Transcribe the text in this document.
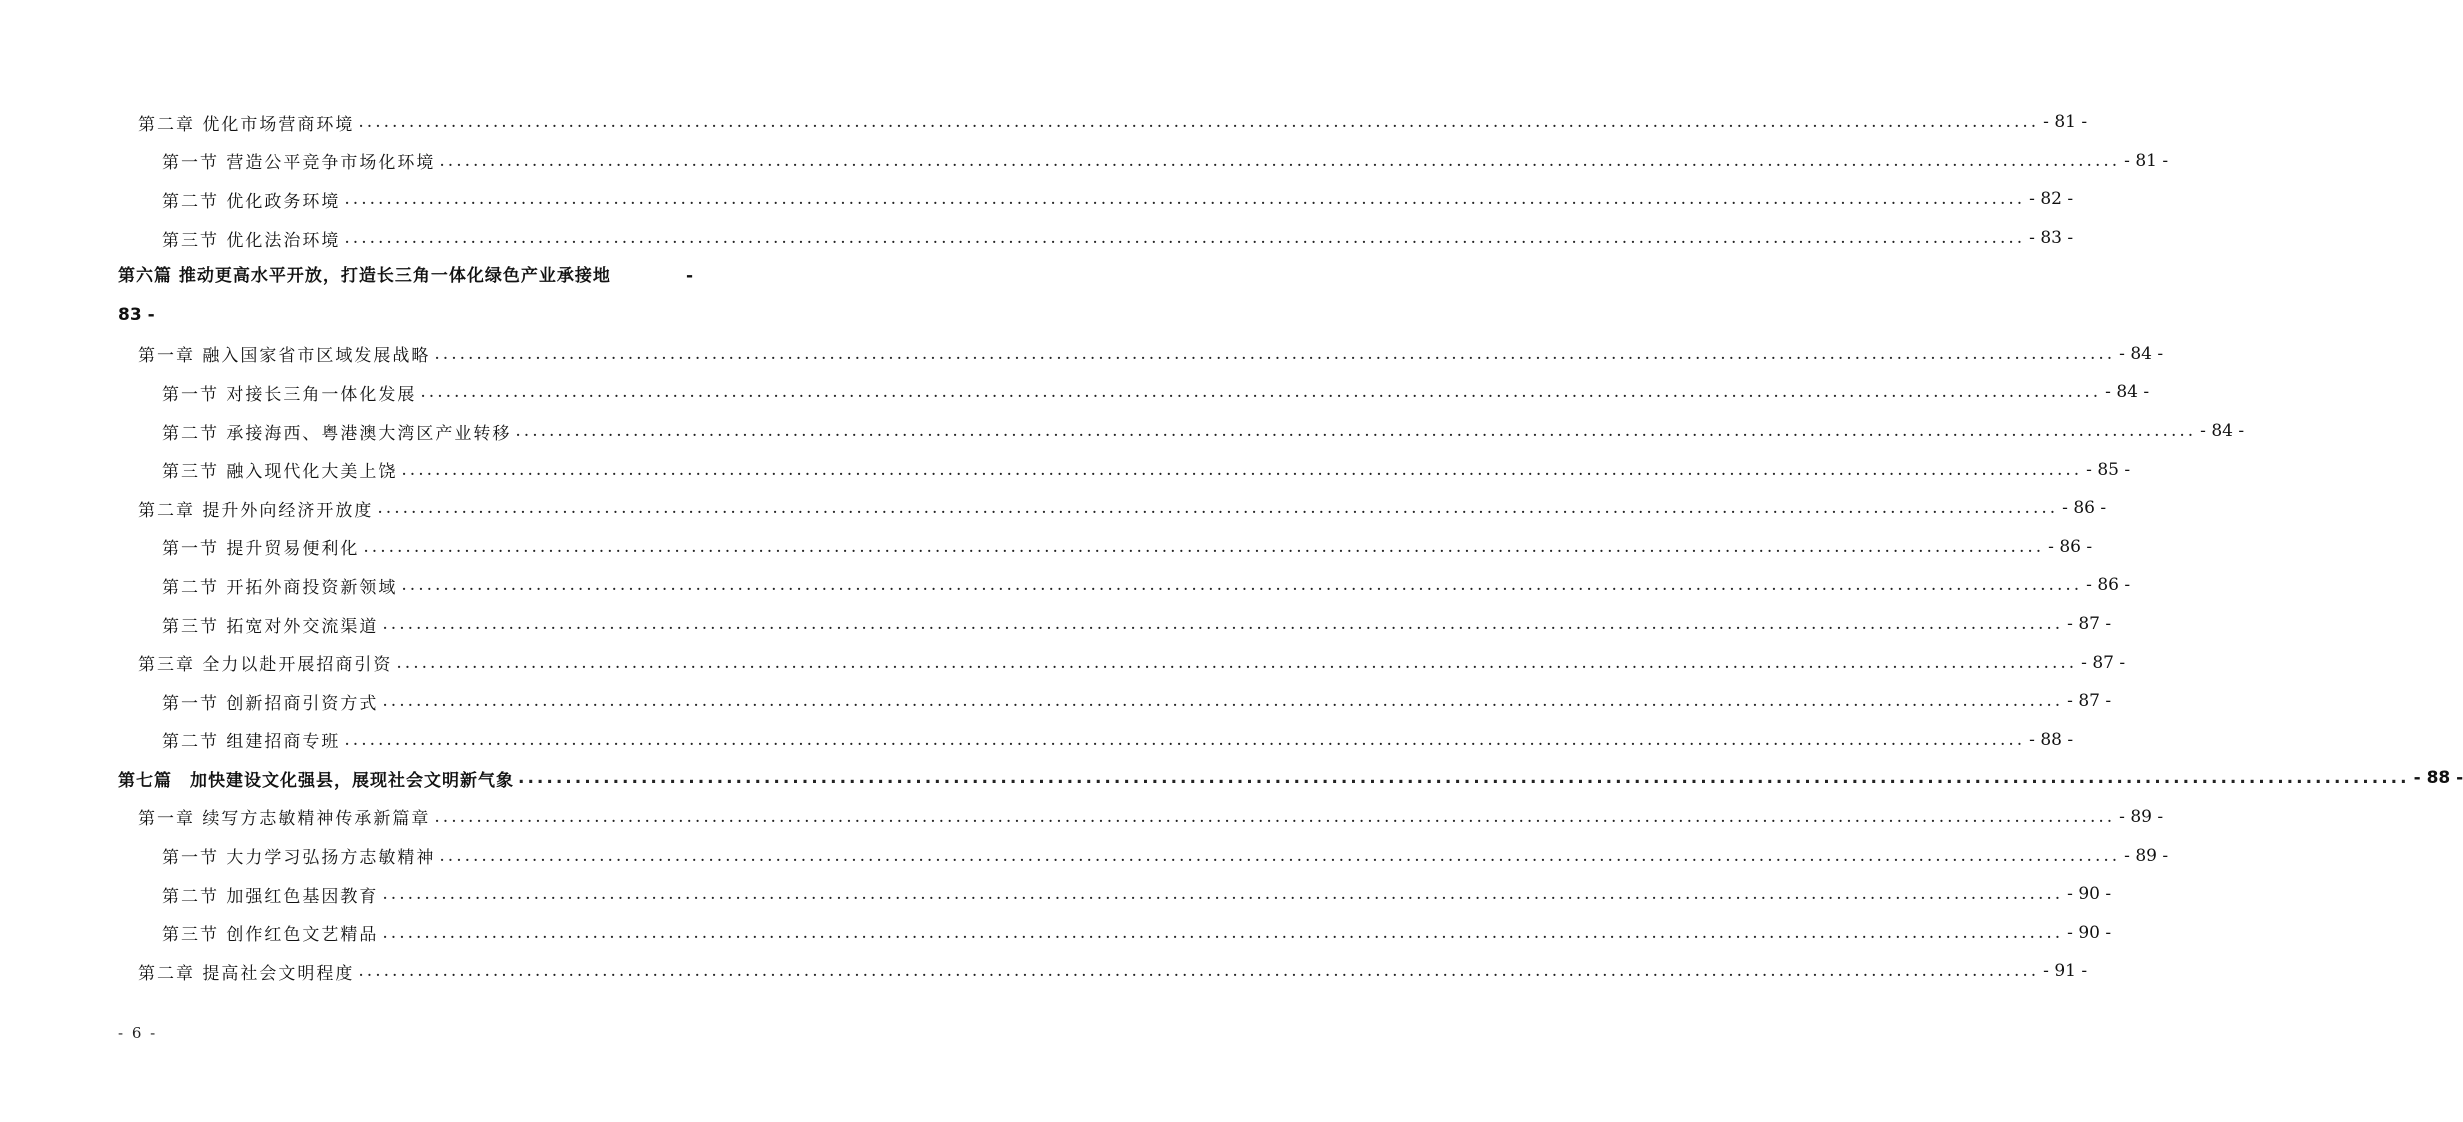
第二章 优化市场营商环境 ........................................................................................................................................................................................................ - 81 -
第一节 营造公平竞争市场化环境 ........................................................................................................................................................................................................ - 81 -
第二节 优化政务环境 ........................................................................................................................................................................................................ - 82 -
第三节 优化法治环境 ........................................................................................................................................................................................................ - 83 -
第六篇 推动更高水平开放，打造长三角一体化绿色产业承接地	-
83 -
第一章 融入国家省市区域发展战略 ........................................................................................................................................................................................................ - 84 -
第一节 对接长三角一体化发展 ........................................................................................................................................................................................................ - 84 -
第二节 承接海西、粤港澳大湾区产业转移 ........................................................................................................................................................................................................ - 84 -
第三节 融入现代化大美上饶 ........................................................................................................................................................................................................ - 85 -
第二章 提升外向经济开放度 ........................................................................................................................................................................................................ - 86 -
第一节 提升贸易便利化 ........................................................................................................................................................................................................ - 86 -
第二节 开拓外商投资新领域 ........................................................................................................................................................................................................ - 86 -
第三节 拓宽对外交流渠道 ........................................................................................................................................................................................................ - 87 -
第三章 全力以赴开展招商引资 ........................................................................................................................................................................................................ - 87 -
第一节 创新招商引资方式 ........................................................................................................................................................................................................ - 87 -
第二节 组建招商专班 ........................................................................................................................................................................................................ - 88 -
第七篇　加快建设文化强县，展现社会文明新气象 ........................................................................................................................................................................................................ - 88 -
第一章 续写方志敏精神传承新篇章 ........................................................................................................................................................................................................ - 89 -
第一节 大力学习弘扬方志敏精神 ........................................................................................................................................................................................................ - 89 -
第二节 加强红色基因教育 ........................................................................................................................................................................................................ - 90 -
第三节 创作红色文艺精品 ........................................................................................................................................................................................................ - 90 -
第二章 提高社会文明程度 ........................................................................................................................................................................................................ - 91 -
- 6 -
